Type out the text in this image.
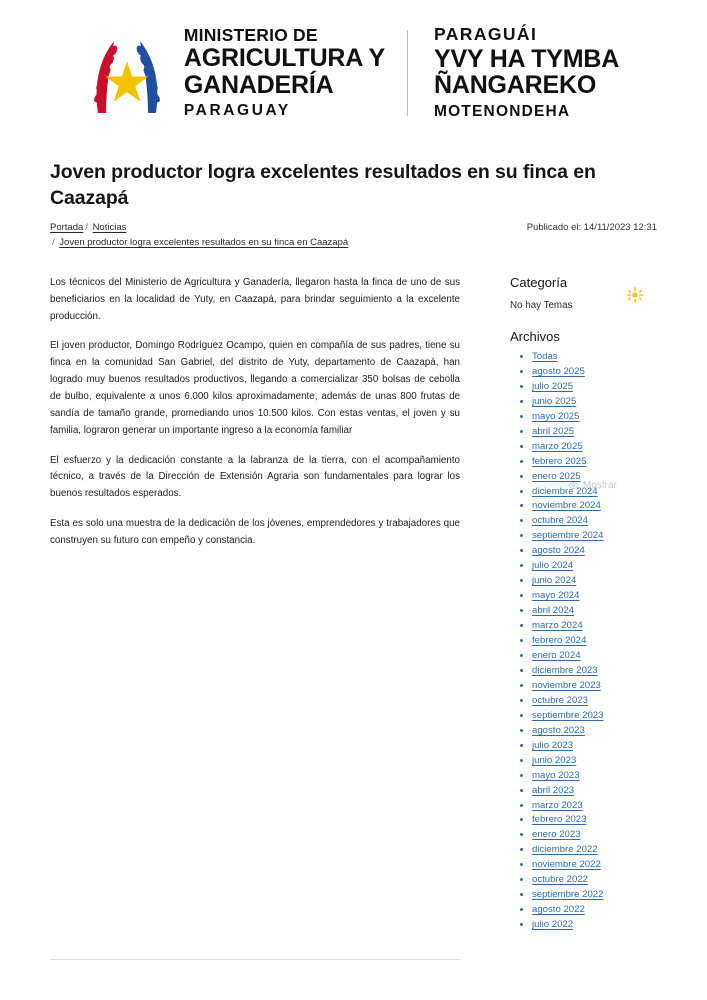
MINISTERIO DE
AGRICULTURA Y
GANADERÍA
PARAGUAY
PARAGUÁI
YVY HA TYMBA
ÑANGAREKO
MOTENONDEHA
Joven productor logra excelentes resultados en su finca en Caazapá
Portada / Noticias
/ Joven productor logra excelentes resultados en su finca en Caazapá
Publicado el: 14/11/2023 12:31

Los técnicos del Ministerio de Agricultura y Ganadería, llegaron hasta la finca de uno de sus beneficiarios en la localidad de Yuty, en Caazapá, para brindar seguimiento a la excelente producción.

El joven productor, Domingo Rodríguez Ocampo, quien en compañía de sus padres, tiene su finca en la comunidad San Gabriel, del distrito de Yuty, departamento de Caazapá, han logrado muy buenos resultados productivos, llegando a comercializar 350 bolsas de cebolla de bulbo, equivalente a unos 6.000 kilos aproximadamente, además de unas 800 frutas de sandía de tamaño grande, promediando unos 10.500 kilos. Con estas ventas, el joven y su familia, lograron generar un importante ingreso a la economía familiar

El esfuerzo y la dedicación constante a la labranza de la tierra, con el acompañamiento técnico, a través de la Dirección de Extensión Agraria son fundamentales para lograr los buenos resultados esperados.

Esta es solo una muestra de la dedicación de los jóvenes, emprendedores y trabajadores que construyen su futuro con empeño y constancia.

Categoría
No hay Temas
Archivos
• Todas
• agosto 2025
• julio 2025
• junio 2025
• mayo 2025
• abril 2025
• marzo 2025
• febrero 2025
• enero 2025
• diciembre 2024
• noviembre 2024
• octubre 2024
• septiembre 2024
• agosto 2024
• julio 2024
• junio 2024
• mayo 2024
• abril 2024
• marzo 2024
• febrero 2024
• enero 2024
• diciembre 2023
• noviembre 2023
• octubre 2023
• septiembre 2023
• agosto 2023
• julio 2023
• junio 2023
• mayo 2023
• abril 2023
• marzo 2023
• febrero 2023
• enero 2023
• diciembre 2022
• noviembre 2022
• octubre 2022
• septiembre 2022
• agosto 2022
• julio 2022
Mostrar
